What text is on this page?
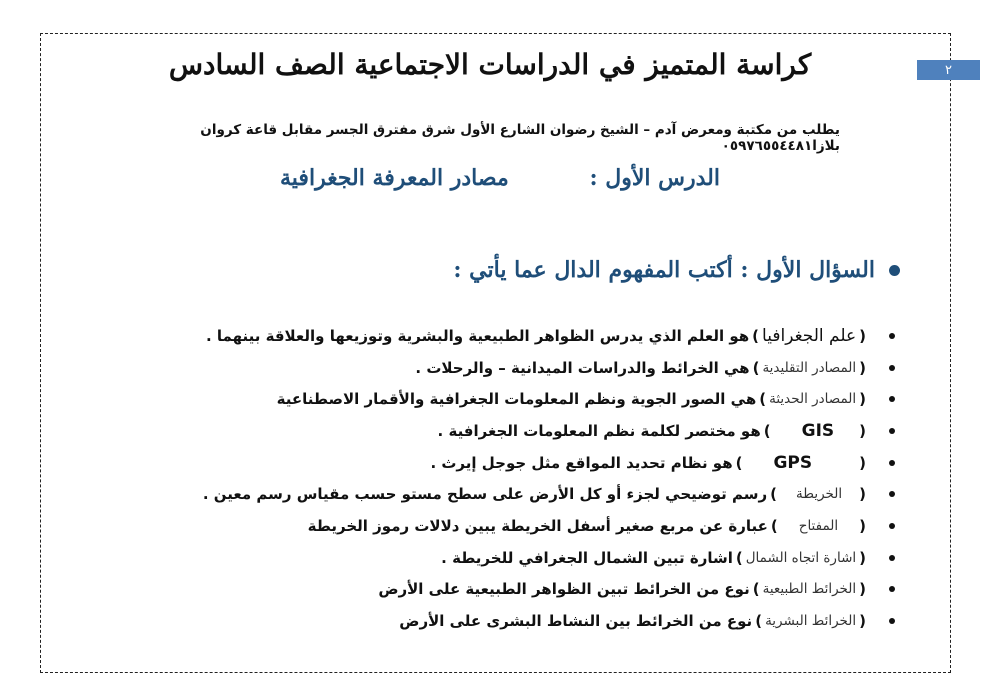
٢
كراسة المتميز في الدراسات الاجتماعية الصف السادس
يطلب من مكتبة ومعرض آدم – الشيخ رضوان الشارع الأول شرق مفترق الجسر مقابل قاعة كروان بلازا٠٥٩٧٦٥٥٤٤٨١
الدرس الأول :
مصادر المعرفة الجغرافية
السؤال الأول : أكتب المفهوم الدال عما يأتي :
(
علم الجغرافيا
)
هو العلم الذي يدرس الظواهر الطبيعية والبشرية وتوزيعها والعلاقة بينهما .
(
المصادر التقليدية
)
هي الخرائط والدراسات الميدانية – والرحلات .
(
المصادر الحديثة
)
هي الصور الجوية ونظم المعلومات الجغرافية والأقمار الاصطناعية
(
GIS
)
هو مختصر لكلمة نظم المعلومات الجغرافية .
(
GPS
)
هو نظام تحديد المواقع مثل جوجل إيرث .
(
الخريطة
)
رسم توضيحي لجزء أو كل الأرض على سطح مستو حسب مقياس رسم معين .
(
المفتاح
)
عبارة عن مربع صغير أسفل الخريطة يبين دلالات رموز الخريطة
(
اشارة اتجاه الشمال
)
اشارة تبين الشمال الجغرافي للخريطة .
(
الخرائط الطبيعية
)
نوع من الخرائط تبين الظواهر الطبيعية على الأرض
(
الخرائط البشرية
)
نوع من الخرائط بين النشاط البشرى على الأرض
